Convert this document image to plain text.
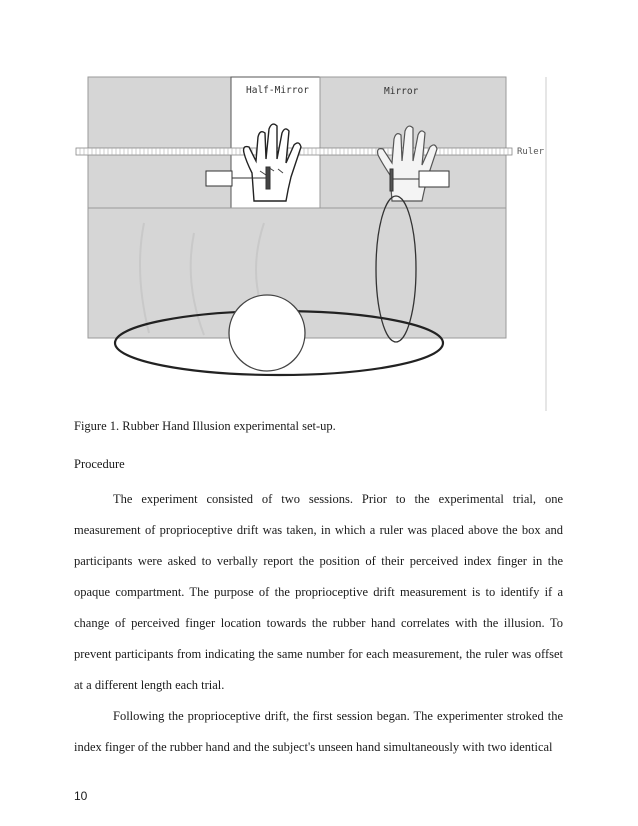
Half-Mirror	Mirror
Ruler
Figure 1. Rubber Hand Illusion experimental set-up.
Procedure

The experiment consisted of two sessions. Prior to the experimental trial, one measurement of proprioceptive drift was taken, in which a ruler was placed above the box and participants were asked to verbally report the position of their perceived index finger in the opaque compartment. The purpose of the proprioceptive drift measurement is to identify if a change of perceived finger location towards the rubber hand correlates with the illusion. To prevent participants from indicating the same number for each measurement, the ruler was offset at a different length each trial.

Following the proprioceptive drift, the first session began. The experimenter stroked the index finger of the rubber hand and the subject's unseen hand simultaneously with two identical

10
